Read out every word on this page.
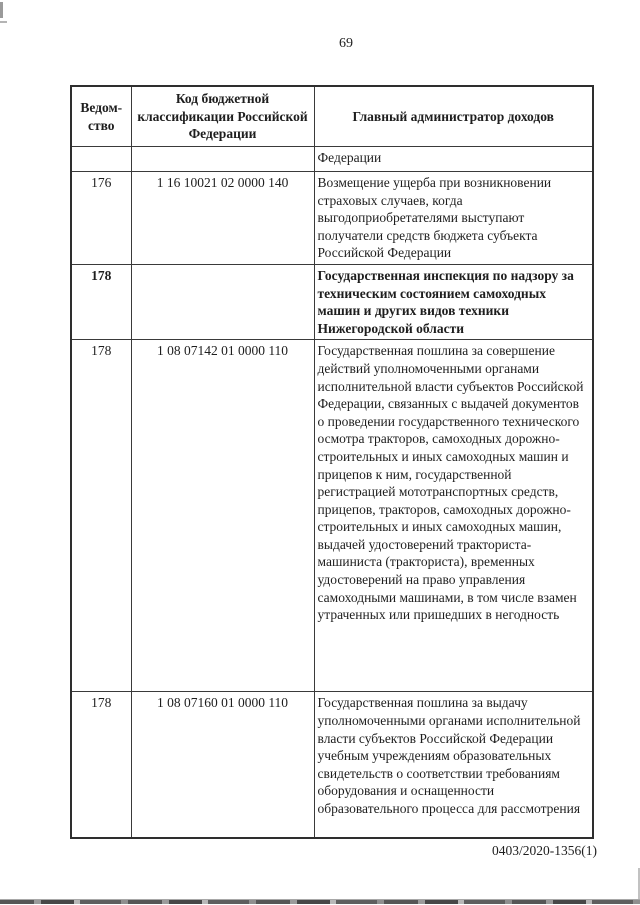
69
Ведом-ство	Код бюджетной классификации Российской Федерации	Главный администратор доходов
		Федерации
176	1 16 10021 02 0000 140	Возмещение ущерба при возникновении страховых случаев, когда выгодоприобретателями выступают получатели средств бюджета субъекта Российской Федерации
178		Государственная инспекция по надзору за техническим состоянием самоходных машин и других видов техники Нижегородской области
178	1 08 07142 01 0000 110	Государственная пошлина за совершение действий уполномоченными органами исполнительной власти субъектов Российской Федерации, связанных с выдачей документов о проведении государственного технического осмотра тракторов, самоходных дорожно-строительных и иных самоходных машин и прицепов к ним, государственной регистрацией мототранспортных средств, прицепов, тракторов, самоходных дорожно-строительных и иных самоходных машин, выдачей удостоверений тракториста-машиниста (тракториста), временных удостоверений на право управления самоходными машинами, в том числе взамен утраченных или пришедших в негодность
178	1 08 07160 01 0000 110	Государственная пошлина за выдачу уполномоченными органами исполнительной власти субъектов Российской Федерации учебным учреждениям образовательных свидетельств о соответствии требованиям оборудования и оснащенности образовательного процесса для рассмотрения
0403/2020-1356(1)
